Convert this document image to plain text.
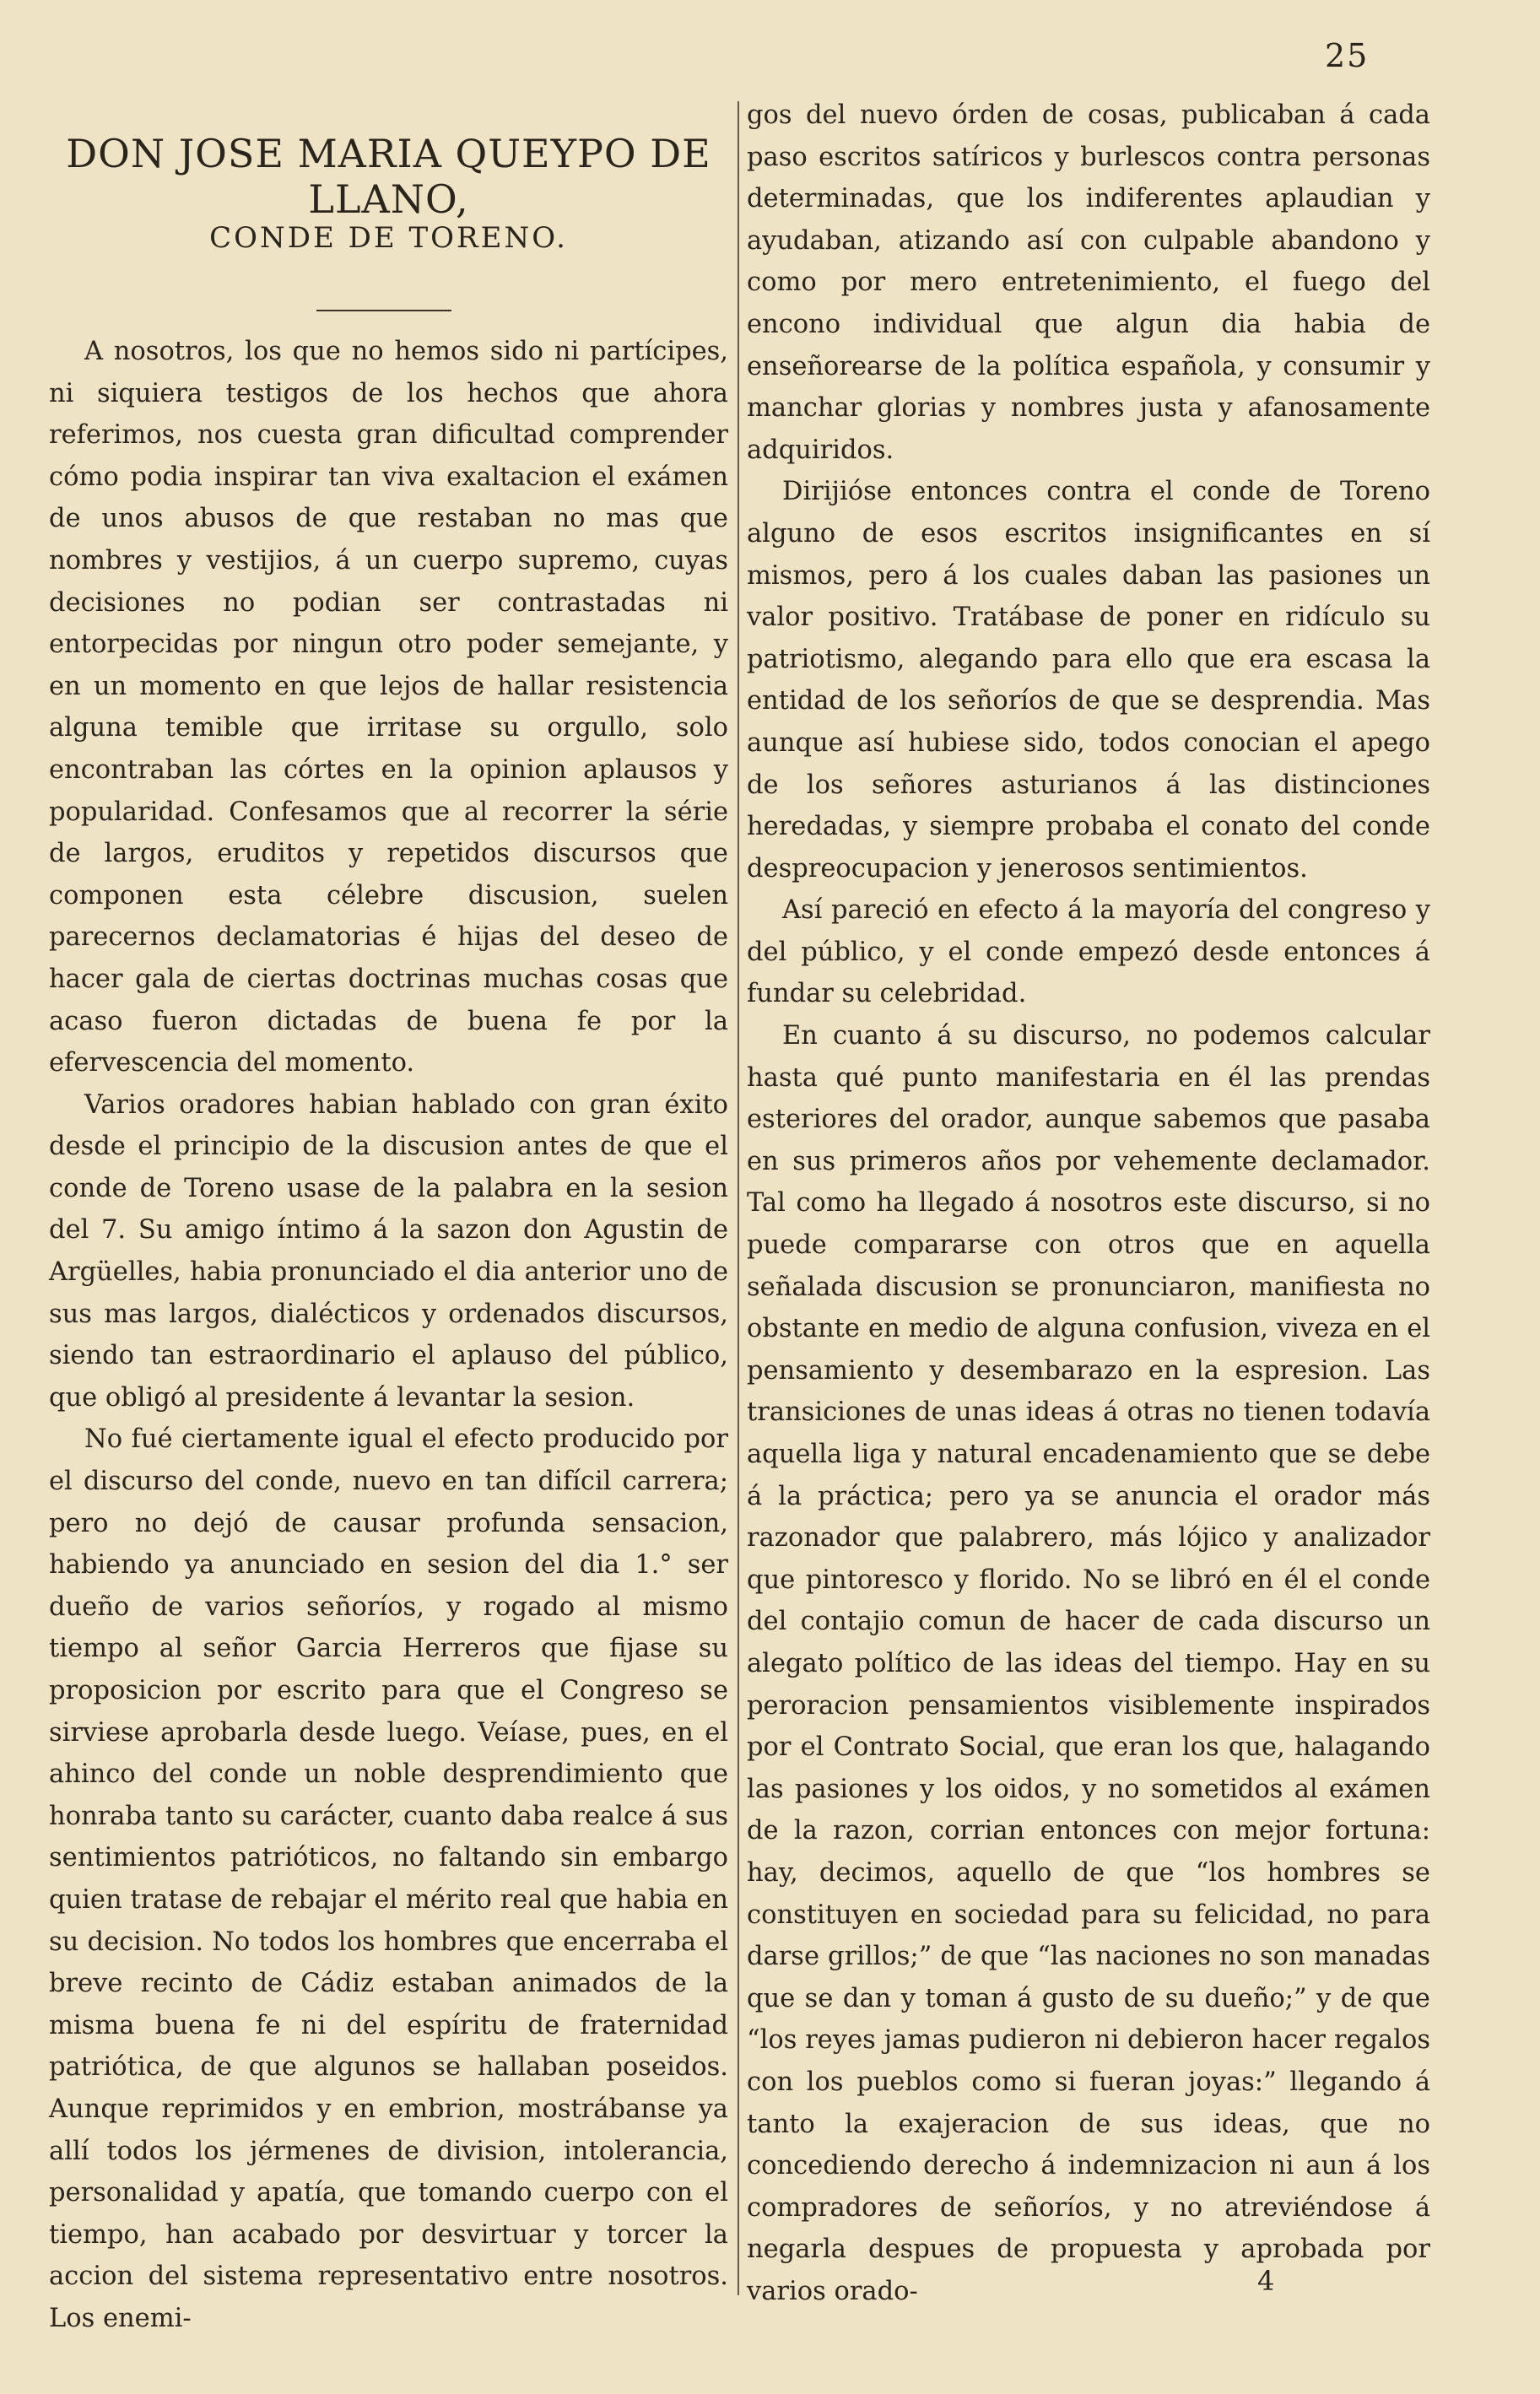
25
DON JOSE MARIA QUEYPO DE LLANO,
CONDE DE TORENO.

A nosotros, los que no hemos sido ni partícipes, ni siquiera testigos de los hechos que ahora referimos, nos cuesta gran dificultad comprender cómo podia inspirar tan viva exaltacion el exámen de unos abusos de que restaban no mas que nombres y vestijios, á un cuerpo supremo, cuyas decisiones no podian ser contrastadas ni entorpecidas por ningun otro poder semejante, y en un momento en que lejos de hallar resistencia alguna temible que irritase su orgullo, solo encontraban las córtes en la opinion aplausos y popularidad. Confesamos que al recorrer la série de largos, eruditos y repetidos discursos que componen esta célebre discusion, suelen parecernos declamatorias é hijas del deseo de hacer gala de ciertas doctrinas muchas cosas que acaso fueron dictadas de buena fe por la efervescencia del momento.

Varios oradores habian hablado con gran éxito desde el principio de la discusion antes de que el conde de Toreno usase de la palabra en la sesion del 7. Su amigo íntimo á la sazon don Agustin de Argüelles, habia pronunciado el dia anterior uno de sus mas largos, dialécticos y ordenados discursos, siendo tan estraordinario el aplauso del público, que obligó al presidente á levantar la sesion.

No fué ciertamente igual el efecto producido por el discurso del conde, nuevo en tan difícil carrera; pero no dejó de causar profunda sensacion, habiendo ya anunciado en sesion del dia 1.° ser dueño de varios señoríos, y rogado al mismo tiempo al señor Garcia Herreros que fijase su proposicion por escrito para que el Congreso se sirviese aprobarla desde luego. Veíase, pues, en el ahinco del conde un noble desprendimiento que honraba tanto su carácter, cuanto daba realce á sus sentimientos patrióticos, no faltando sin embargo quien tratase de rebajar el mérito real que habia en su decision. No todos los hombres que encerraba el breve recinto de Cádiz estaban animados de la misma buena fe ni del espíritu de fraternidad patriótica, de que algunos se hallaban poseidos. Aunque reprimidos y en embrion, mostrábanse ya allí todos los jérmenes de division, intolerancia, personalidad y apatía, que tomando cuerpo con el tiempo, han acabado por desvirtuar y torcer la accion del sistema representativo entre nosotros. Los enemi-

gos del nuevo órden de cosas, publicaban á cada paso escritos satíricos y burlescos contra personas determinadas, que los indiferentes aplaudian y ayudaban, atizando así con culpable abandono y como por mero entretenimiento, el fuego del encono individual que algun dia habia de enseñorearse de la política española, y consumir y manchar glorias y nombres justa y afanosamente adquiridos.

Dirijióse entonces contra el conde de Toreno alguno de esos escritos insignificantes en sí mismos, pero á los cuales daban las pasiones un valor positivo. Tratábase de poner en ridículo su patriotismo, alegando para ello que era escasa la entidad de los señoríos de que se desprendia. Mas aunque así hubiese sido, todos conocian el apego de los señores asturianos á las distinciones heredadas, y siempre probaba el conato del conde despreocupacion y jenerosos sentimientos.

Así pareció en efecto á la mayoría del congreso y del público, y el conde empezó desde entonces á fundar su celebridad.

En cuanto á su discurso, no podemos calcular hasta qué punto manifestaria en él las prendas esteriores del orador, aunque sabemos que pasaba en sus primeros años por vehemente declamador. Tal como ha llegado á nosotros este discurso, si no puede compararse con otros que en aquella señalada discusion se pronunciaron, manifiesta no obstante en medio de alguna confusion, viveza en el pensamiento y desembarazo en la espresion. Las transiciones de unas ideas á otras no tienen todavía aquella liga y natural encadenamiento que se debe á la práctica; pero ya se anuncia el orador más razonador que palabrero, más lójico y analizador que pintoresco y florido. No se libró en él el conde del contajio comun de hacer de cada discurso un alegato político de las ideas del tiempo. Hay en su peroracion pensamientos visiblemente inspirados por el Contrato Social, que eran los que, halagando las pasiones y los oidos, y no sometidos al exámen de la razon, corrian entonces con mejor fortuna: hay, decimos, aquello de que “los hombres se constituyen en sociedad para su felicidad, no para darse grillos;” de que “las naciones no son manadas que se dan y toman á gusto de su dueño;” y de que “los reyes jamas pudieron ni debieron hacer regalos con los pueblos como si fueran joyas:” llegando á tanto la exajeracion de sus ideas, que no concediendo derecho á indemnizacion ni aun á los compradores de señoríos, y no atreviéndose á negarla despues de propuesta y aprobada por varios orado-	4
